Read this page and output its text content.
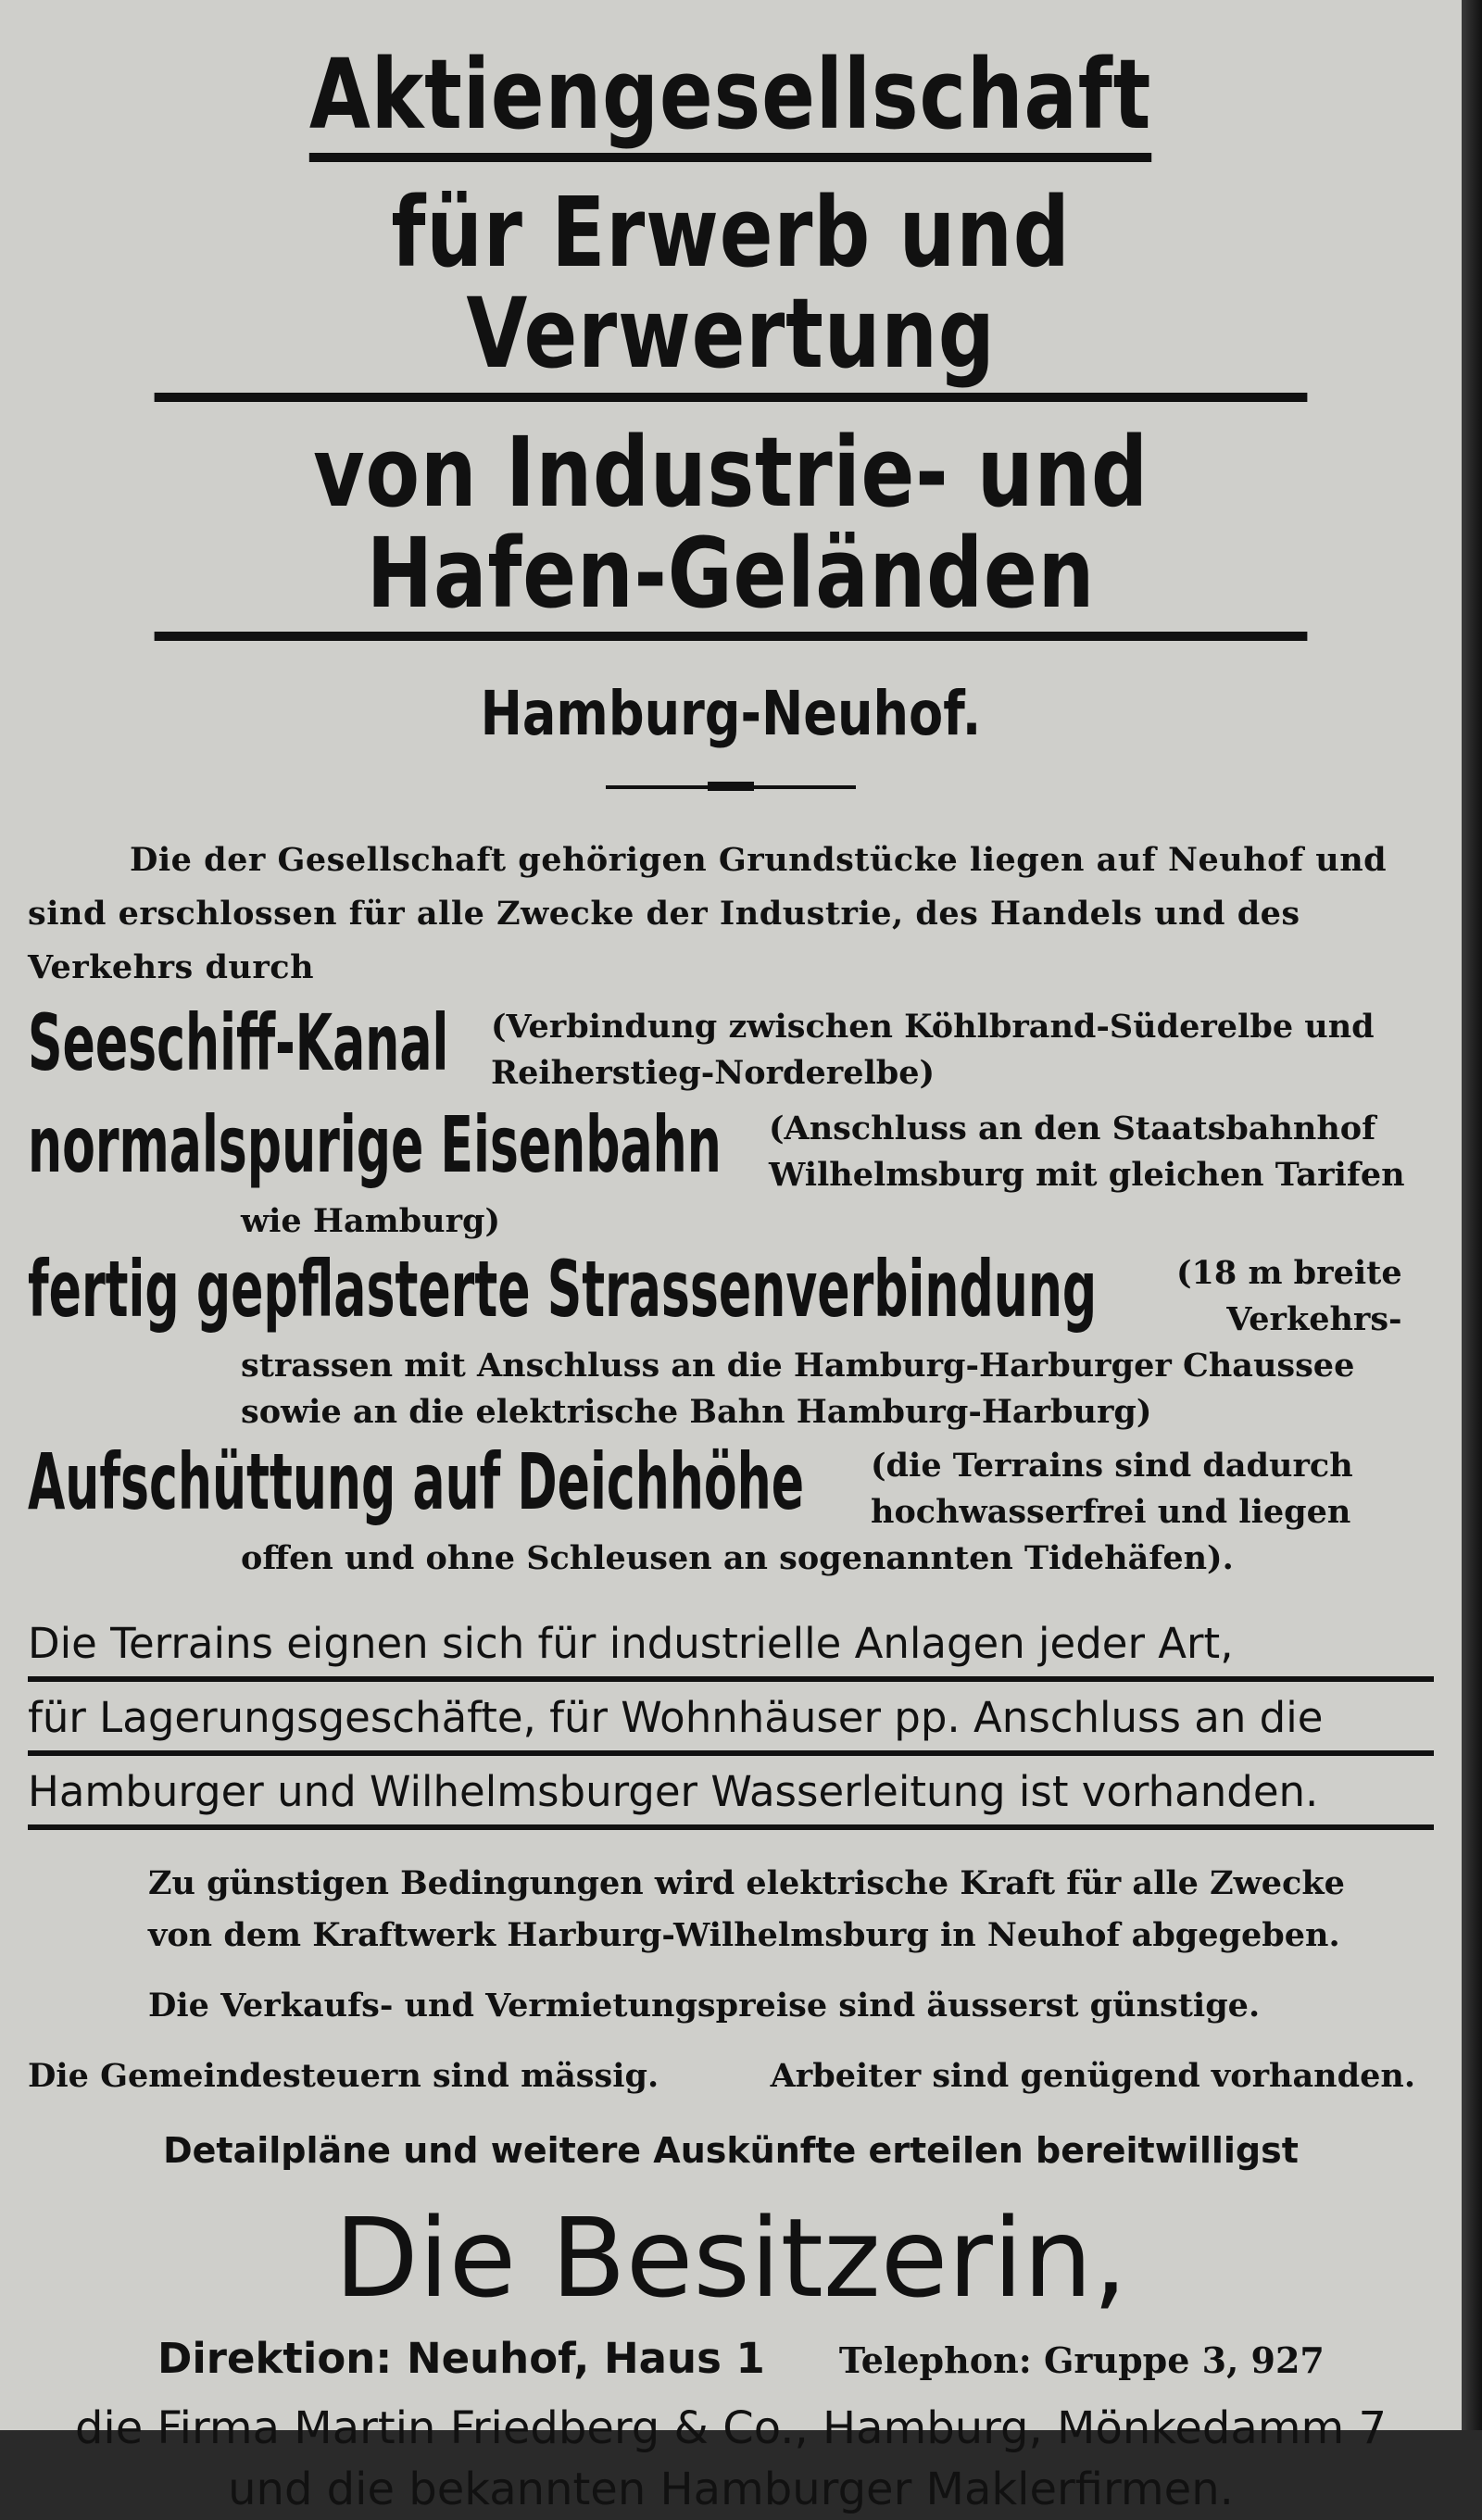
Aktiengesellschaft
für Erwerb und Verwertung
von Industrie- und Hafen-Geländen
Hamburg-Neuhof.
Die der Gesellschaft gehörigen Grundstücke liegen auf Neuhof und
sind erschlossen für alle Zwecke der Industrie, des Handels und des
Verkehrs durch
Seeschiff-Kanal (Verbindung zwischen Köhlbrand-Süderelbe und
Reiherstieg-Norderelbe)
normalspurige Eisenbahn (Anschluss an den Staatsbahnhof
Wilhelmsburg mit gleichen Tarifen
wie Hamburg)
fertig gepflasterte Strassenverbindung (18 m breite
Verkehrs-
strassen mit Anschluss an die Hamburg-Harburger Chaussee
sowie an die elektrische Bahn Hamburg-Harburg)
Aufschüttung auf Deichhöhe (die Terrains sind dadurch
hochwasserfrei und liegen
offen und ohne Schleusen an sogenannten Tidehäfen).
Die Terrains eignen sich für industrielle Anlagen jeder Art,
für Lagerungsgeschäfte, für Wohnhäuser pp. Anschluss an die
Hamburger und Wilhelmsburger Wasserleitung ist vorhanden.
Zu günstigen Bedingungen wird elektrische Kraft für alle Zwecke
von dem Kraftwerk Harburg-Wilhelmsburg in Neuhof abgegeben.
Die Verkaufs- und Vermietungspreise sind äusserst günstige.
Die Gemeindesteuern sind mässig.	Arbeiter sind genügend vorhanden.
Detailpläne und weitere Auskünfte erteilen bereitwilligst
Die Besitzerin,
Direktion: Neuhof, Haus 1 Telephon: Gruppe 3, 927
die Firma Martin Friedberg & Co., Hamburg, Mönkedamm 7
und die bekannten Hamburger Maklerfirmen.
